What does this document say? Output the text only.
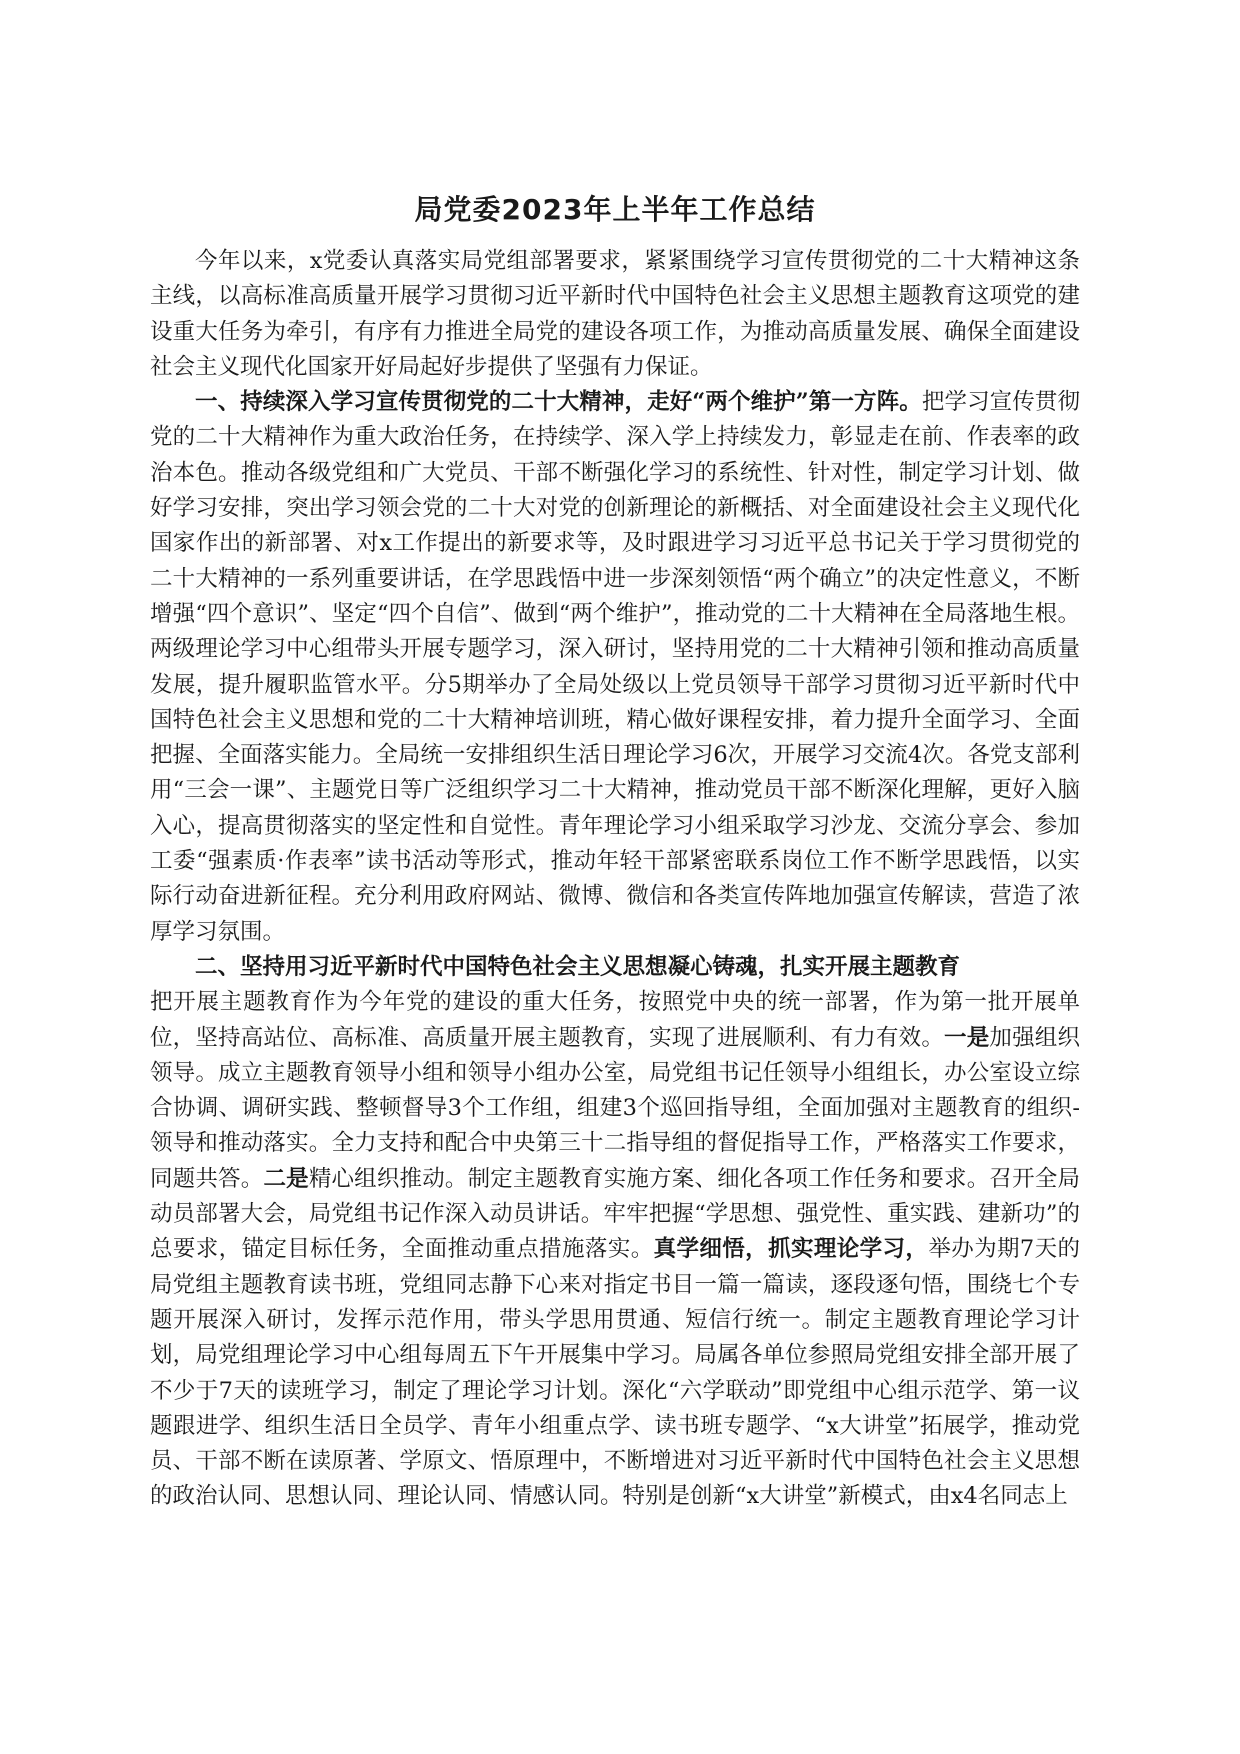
局党委2023年上半年工作总结

今年以来，x党委认真落实局党组部署要求，紧紧围绕学习宣传贯彻党的二十大精神这条主线，以高标准高质量开展学习贯彻习近平新时代中国特色社会主义思想主题教育这项党的建设重大任务为牵引，有序有力推进全局党的建设各项工作，为推动高质量发展、确保全面建设社会主义现代化国家开好局起好步提供了坚强有力保证。

一、持续深入学习宣传贯彻党的二十大精神，走好“两个维护”第一方阵。把学习宣传贯彻党的二十大精神作为重大政治任务，在持续学、深入学上持续发力，彰显走在前、作表率的政治本色。推动各级党组和广大党员、干部不断强化学习的系统性、针对性，制定学习计划、做好学习安排，突出学习领会党的二十大对党的创新理论的新概括、对全面建设社会主义现代化国家作出的新部署、对x工作提出的新要求等，及时跟进学习习近平总书记关于学习贯彻党的二十大精神的一系列重要讲话，在学思践悟中进一步深刻领悟“两个确立”的决定性意义，不断增强“四个意识”、坚定“四个自信”、做到“两个维护”，推动党的二十大精神在全局落地生根。两级理论学习中心组带头开展专题学习，深入研讨，坚持用党的二十大精神引领和推动高质量发展，提升履职监管水平。分5期举办了全局处级以上党员领导干部学习贯彻习近平新时代中国特色社会主义思想和党的二十大精神培训班，精心做好课程安排，着力提升全面学习、全面把握、全面落实能力。全局统一安排组织生活日理论学习6次，开展学习交流4次。各党支部利用“三会一课”、主题党日等广泛组织学习二十大精神，推动党员干部不断深化理解，更好入脑入心，提高贯彻落实的坚定性和自觉性。青年理论学习小组采取学习沙龙、交流分享会、参加工委“强素质·作表率”读书活动等形式，推动年轻干部紧密联系岗位工作不断学思践悟，以实际行动奋进新征程。充分利用政府网站、微博、微信和各类宣传阵地加强宣传解读，营造了浓厚学习氛围。

二、坚持用习近平新时代中国特色社会主义思想凝心铸魂，扎实开展主题教育

把开展主题教育作为今年党的建设的重大任务，按照党中央的统一部署，作为第一批开展单位，坚持高站位、高标准、高质量开展主题教育，实现了进展顺利、有力有效。一是加强组织领导。成立主题教育领导小组和领导小组办公室，局党组书记任领导小组组长，办公室设立综合协调、调研实践、整顿督导3个工作组，组建3个巡回指导组，全面加强对主题教育的组织-领导和推动落实。全力支持和配合中央第三十二指导组的督促指导工作，严格落实工作要求，同题共答。二是精心组织推动。制定主题教育实施方案、细化各项工作任务和要求。召开全局动员部署大会，局党组书记作深入动员讲话。牢牢把握“学思想、强党性、重实践、建新功”的总要求，锚定目标任务，全面推动重点措施落实。真学细悟，抓实理论学习，举办为期7天的局党组主题教育读书班，党组同志静下心来对指定书目一篇一篇读，逐段逐句悟，围绕七个专题开展深入研讨，发挥示范作用，带头学思用贯通、短信行统一。制定主题教育理论学习计划，局党组理论学习中心组每周五下午开展集中学习。局属各单位参照局党组安排全部开展了不少于7天的读班学习，制定了理论学习计划。深化“六学联动”即党组中心组示范学、第一议题跟进学、组织生活日全员学、青年小组重点学、读书班专题学、“x大讲堂”拓展学，推动党员、干部不断在读原著、学原文、悟原理中，不断增进对习近平新时代中国特色社会主义思想的政治认同、思想认同、理论认同、情感认同。特别是创新“x大讲堂”新模式，由x4名同志上
